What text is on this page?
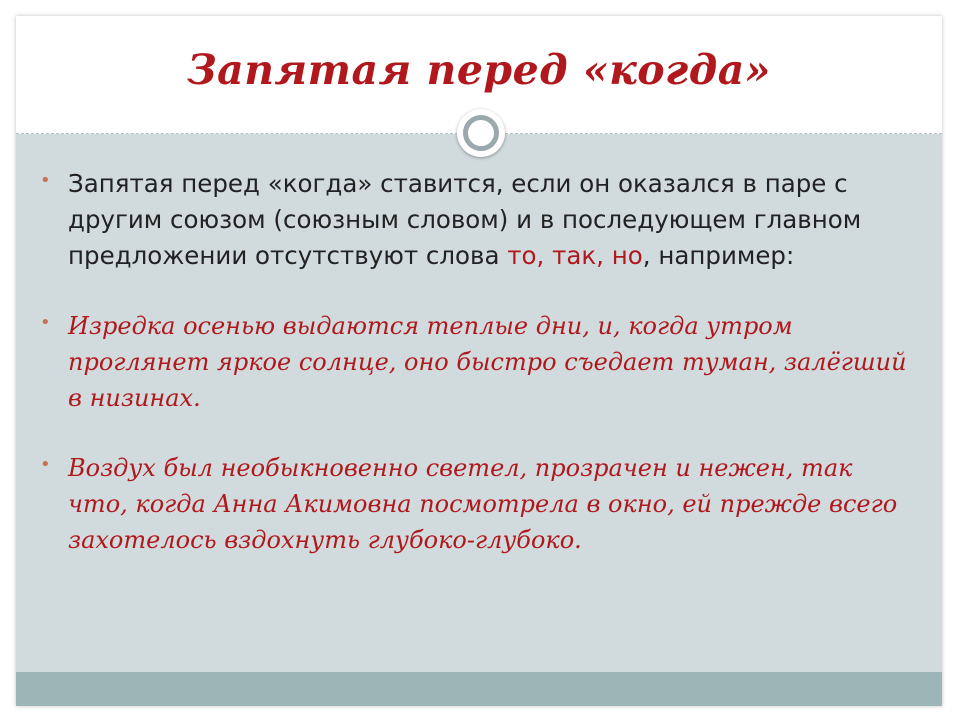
Запятая перед «когда»
• Запятая перед «когда» ставится, если он оказался в паре с другим союзом (союзным словом) и в последующем главном предложении отсутствуют слова то, так, но, например:
• Изредка осенью выдаются теплые дни, и, когда утром проглянет яркое солнце, оно быстро съедает туман, залёгший в низинах.
• Воздух был необыкновенно светел, прозрачен и нежен, так что, когда Анна Акимовна посмотрела в окно, ей прежде всего захотелось вздохнуть глубоко-глубоко.
